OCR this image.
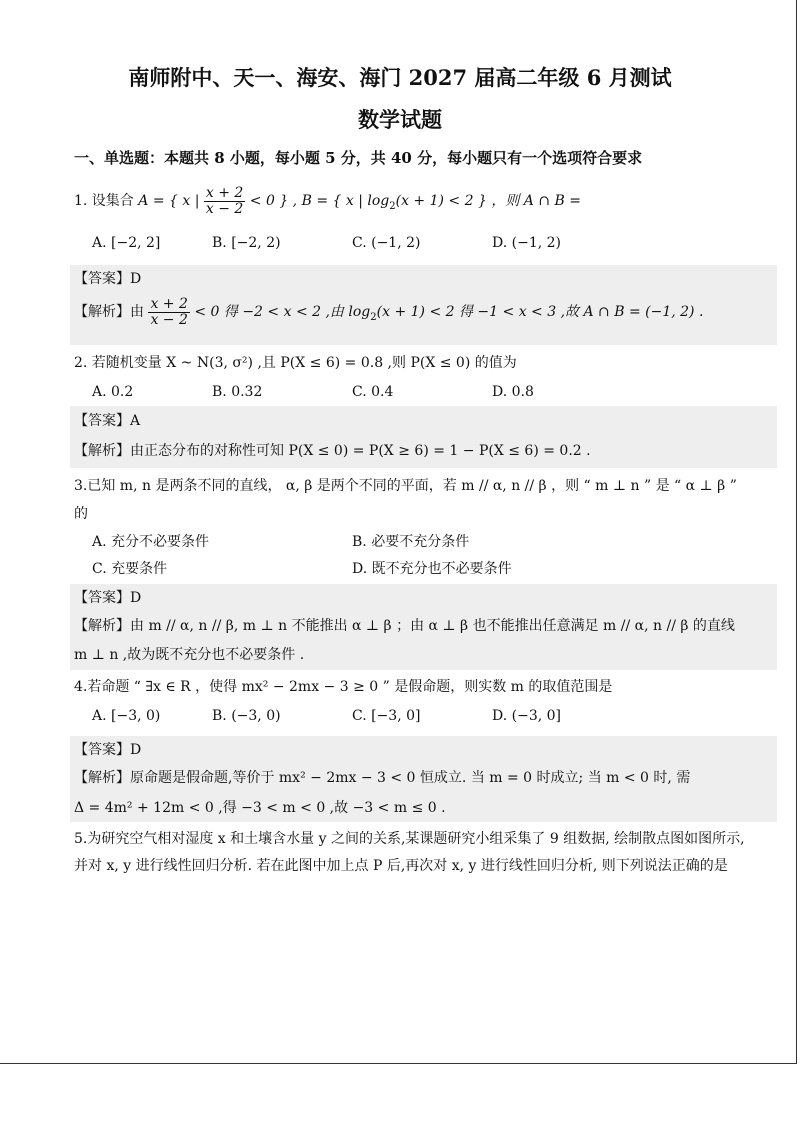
南师附中、天一、海安、海门 2027 届高二年级 6 月测试
数学试题
一、单选题：本题共 8 小题，每小题 5 分，共 40 分，每小题只有一个选项符合要求
1. 设集合 A = { x | $\frac{x + 2}{x - 2} < 0$ } , B = { x | $\log_2(x + 1) < 2$ } ，则 A ∩ B =
A. [−2, 2]	B. [−2, 2)	C. (−1, 2)	D. (−1, 2)
【答案】D
【解析】由 $\frac{x + 2}{x - 2} < 0$ 得 −2 < x < 2 ,由 $\log_2(x + 1) < 2$ 得 −1 < x < 3 ,故 A ∩ B = (−1, 2) .
2. 若随机变量 X ~ N(3, σ²) ,且 P(X ≤ 6) = 0.8 ,则 P(X ≤ 0) 的值为
A. 0.2	B. 0.32	C. 0.4	D. 0.8
【答案】A
【解析】由正态分布的对称性可知 P(X ≤ 0) = P(X ≥ 6) = 1 − P(X ≤ 6) = 0.2 .
3.已知 m, n 是两条不同的直线， α, β 是两个不同的平面，若 m // α, n // β ，则 “ m ⊥ n ” 是 “ α ⊥ β ”
的
A. 充分不必要条件	B. 必要不充分条件
C. 充要条件	D. 既不充分也不必要条件
【答案】D
【解析】由 m // α, n // β, m ⊥ n 不能推出 α ⊥ β ；由 α ⊥ β 也不能推出任意满足 m // α, n // β 的直线
m ⊥ n ,故为既不充分也不必要条件 .
4.若命题 “ ∃x ∈ R ，使得 mx² − 2mx − 3 ≥ 0 ” 是假命题，则实数 m 的取值范围是
A. [−3, 0)	B. (−3, 0)	C. [−3, 0]	D. (−3, 0]
【答案】D
【解析】原命题是假命题,等价于 mx² − 2mx − 3 < 0 恒成立. 当 m = 0 时成立; 当 m < 0 时, 需
Δ = 4m² + 12m < 0 ,得 −3 < m < 0 ,故 −3 < m ≤ 0 .
5.为研究空气相对湿度 x 和土壤含水量 y 之间的关系,某课题研究小组采集了 9 组数据, 绘制散点图如图所示,
并对 x, y 进行线性回归分析. 若在此图中加上点 P 后,再次对 x, y 进行线性回归分析, 则下列说法正确的是
